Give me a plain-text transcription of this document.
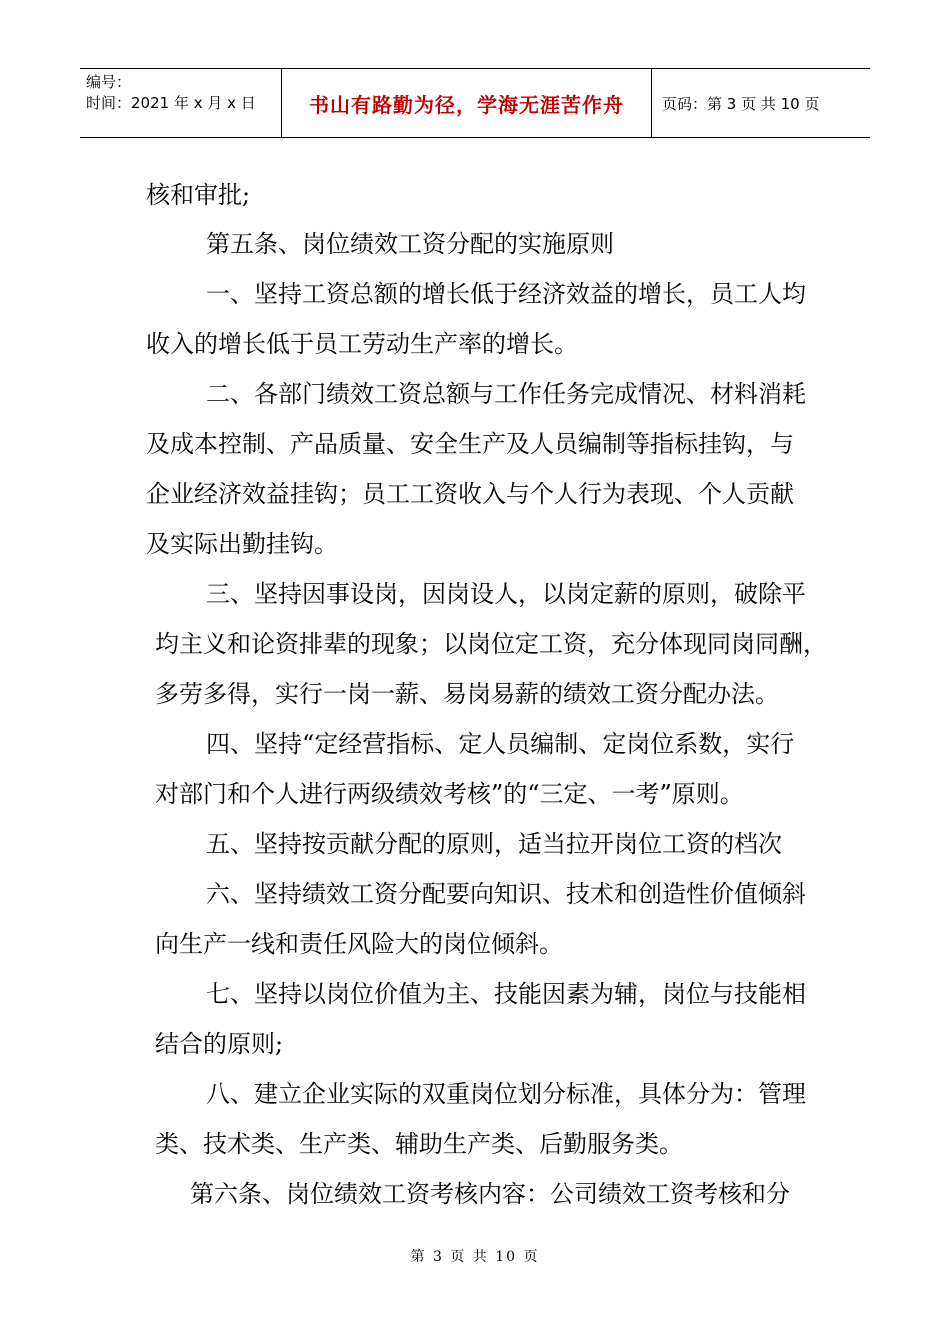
编号：
时间：2021 年 x 月 x 日	书山有路勤为径，学海无涯苦作舟	页码：第 3 页 共 10 页
核和审批;
第五条、岗位绩效工资分配的实施原则
一、坚持工资总额的增长低于经济效益的增长，员工人均
收入的增长低于员工劳动生产率的增长。
二、各部门绩效工资总额与工作任务完成情况、材料消耗
及成本控制、产品质量、安全生产及人员编制等指标挂钩，与
企业经济效益挂钩；员工工资收入与个人行为表现、个人贡献
及实际出勤挂钩。
三、坚持因事设岗，因岗设人，以岗定薪的原则，破除平
均主义和论资排辈的现象；以岗位定工资，充分体现同岗同酬，
多劳多得，实行一岗一薪、易岗易薪的绩效工资分配办法。
四、坚持“定经营指标、定人员编制、定岗位系数，实行
对部门和个人进行两级绩效考核”的“三定、一考”原则。
五、坚持按贡献分配的原则，适当拉开岗位工资的档次
六、坚持绩效工资分配要向知识、技术和创造性价值倾斜
向生产一线和责任风险大的岗位倾斜。
七、坚持以岗位价值为主、技能因素为辅，岗位与技能相
结合的原则;
八、建立企业实际的双重岗位划分标准，具体分为：管理
类、技术类、生产类、辅助生产类、后勤服务类。
第六条、岗位绩效工资考核内容：公司绩效工资考核和分
第 3 页 共 10 页
